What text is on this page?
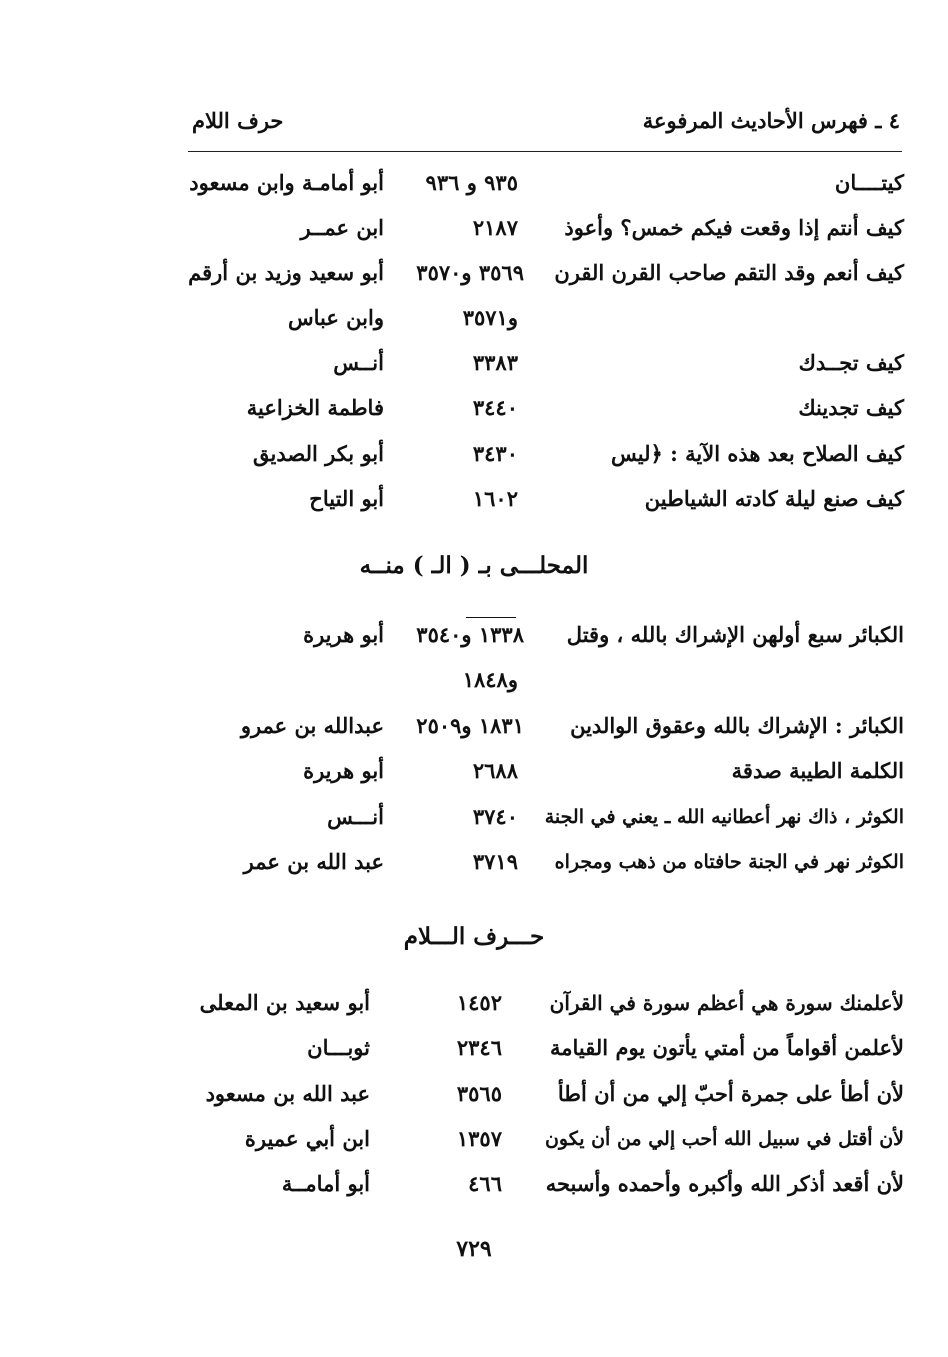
٤ ـ فهرس الأحاديث المرفوعة
حرف اللام
كيتــــان
٩٣٥ و ٩٣٦
أبو أمامـة وابن مسعود
كيف أنتم إذا وقعت فيكم خمس؟ وأعوذ
٢١٨٧
ابن عمــر
كيف أنعم وقد التقم صاحب القرن القرن
٣٥٦٩ و٣٥٧٠
أبو سعيد وزيد بن أرقم
و٣٥٧١
وابن عباس
كيف تجــدك
٣٣٨٣
أنــس
كيف تجدينك
٣٤٤٠
فاطمة الخزاعية
كيف الصلاح بعد هذه الآية : ﴿ليس
٣٤٣٠
أبو بكر الصديق
كيف صنع ليلة كادته الشياطين
١٦٠٢
أبو التياح
المحلـــى بـ ( الـ ) منــه
الكبائر سبع أولهن الإشراك بالله ، وقتل
١٣٣٨ و٣٥٤٠
أبو هريرة
و١٨٤٨
الكبائر : الإشراك بالله وعقوق الوالدين
١٨٣١ و٢٥٠٩
عبدالله بن عمرو
الكلمة الطيبة صدقة
٢٦٨٨
أبو هريرة
الكوثر ، ذاك نهر أعطانيه الله ـ يعني في الجنة
٣٧٤٠
أنـــس
الكوثر نهر في الجنة حافتاه من ذهب ومجراه
٣٧١٩
عبد الله بن عمر
حـــرف الـــلام
لأعلمنك سورة هي أعظم سورة في القرآن
١٤٥٢
أبو سعيد بن المعلى
لأعلمن أقواماً من أمتي يأتون يوم القيامة
٢٣٤٦
ثوبـــان
لأن أطأ على جمرة أحبّ إلي من أن أطأ
٣٥٦٥
عبد الله بن مسعود
لأن أقتل في سبيل الله أحب إلي من أن يكون
١٣٥٧
ابن أبي عميرة
لأن أقعد أذكر الله وأكبره وأحمده وأسبحه
٤٦٦
أبو أمامــة
٧٢٩
